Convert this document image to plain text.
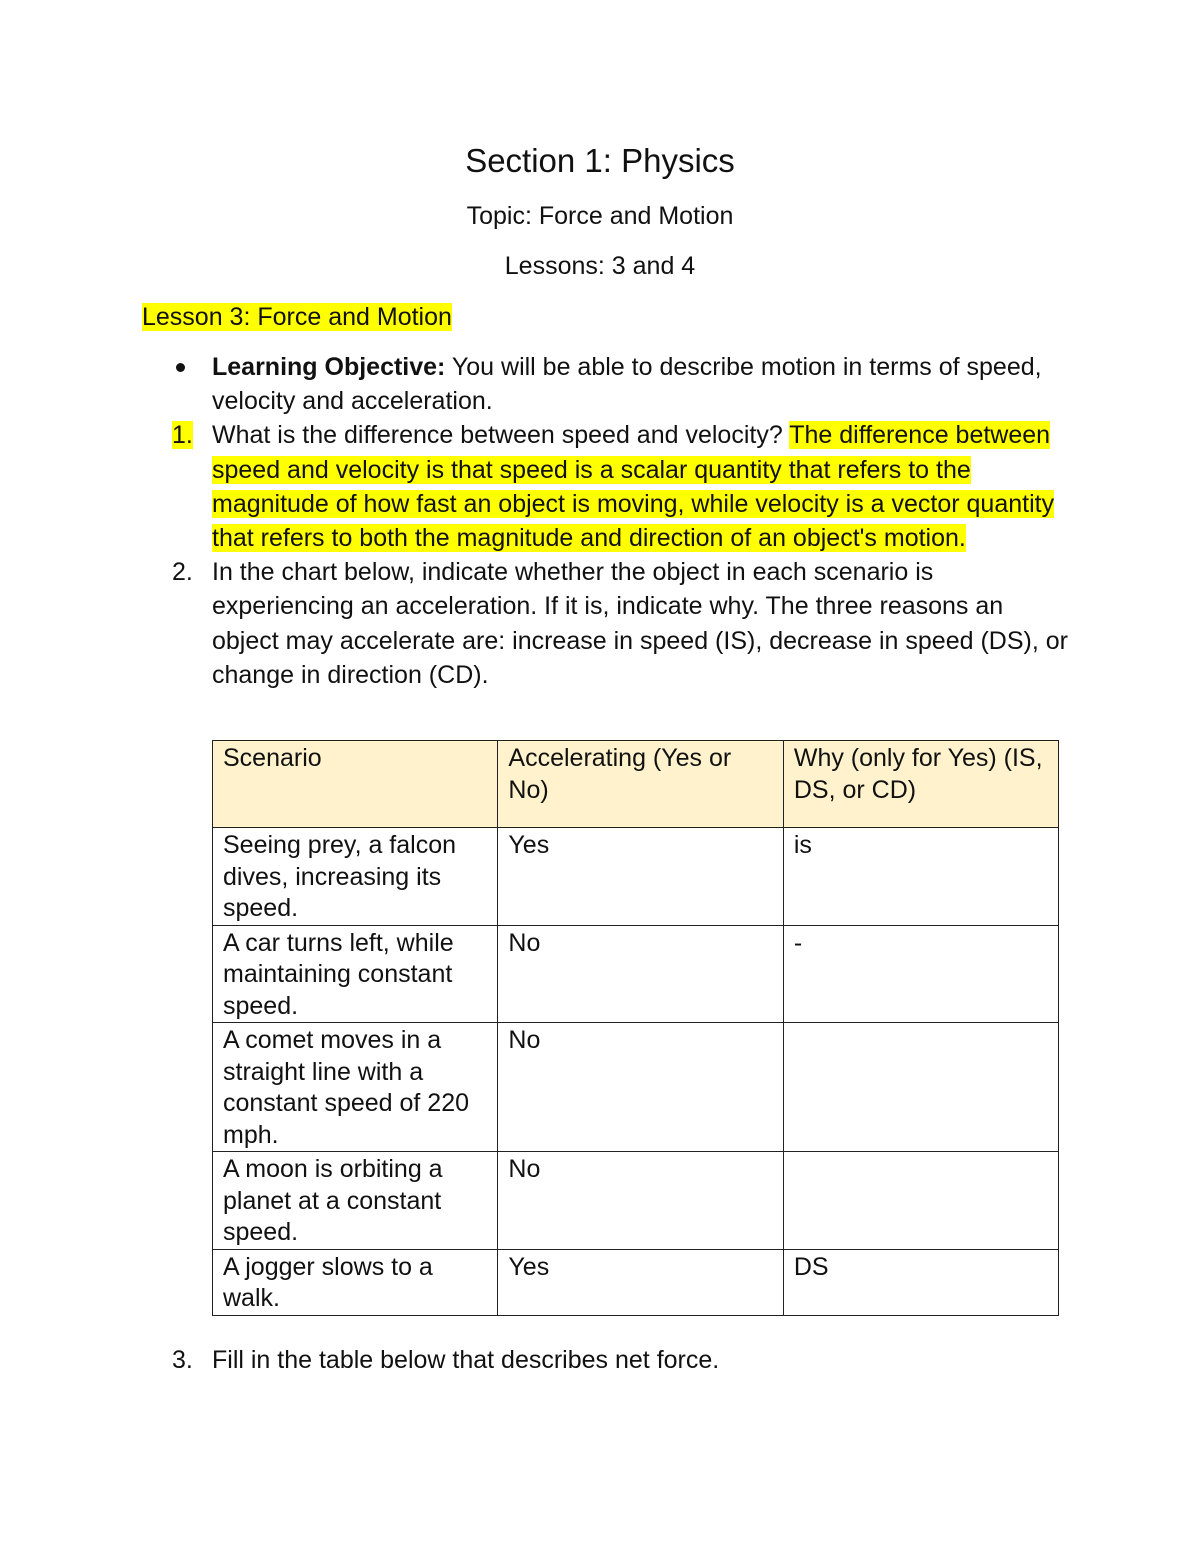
Section 1: Physics
Topic: Force and Motion
Lessons: 3 and 4
Lesson 3: Force and Motion
Learning Objective: You will be able to describe motion in terms of speed, velocity and acceleration.
1. What is the difference between speed and velocity? The difference between speed and velocity is that speed is a scalar quantity that refers to the magnitude of how fast an object is moving, while velocity is a vector quantity that refers to both the magnitude and direction of an object's motion.
2. In the chart below, indicate whether the object in each scenario is experiencing an acceleration. If it is, indicate why. The three reasons an object may accelerate are: increase in speed (IS), decrease in speed (DS), or change in direction (CD).
Scenario	Accelerating (Yes or No)	Why (only for Yes) (IS, DS, or CD)
Seeing prey, a falcon dives, increasing its speed.	Yes	is
A car turns left, while maintaining constant speed.	No	-
A comet moves in a straight line with a constant speed of 220 mph.	No	
A moon is orbiting a planet at a constant speed.	No	
A jogger slows to a walk.	Yes	DS
3. Fill in the table below that describes net force.
